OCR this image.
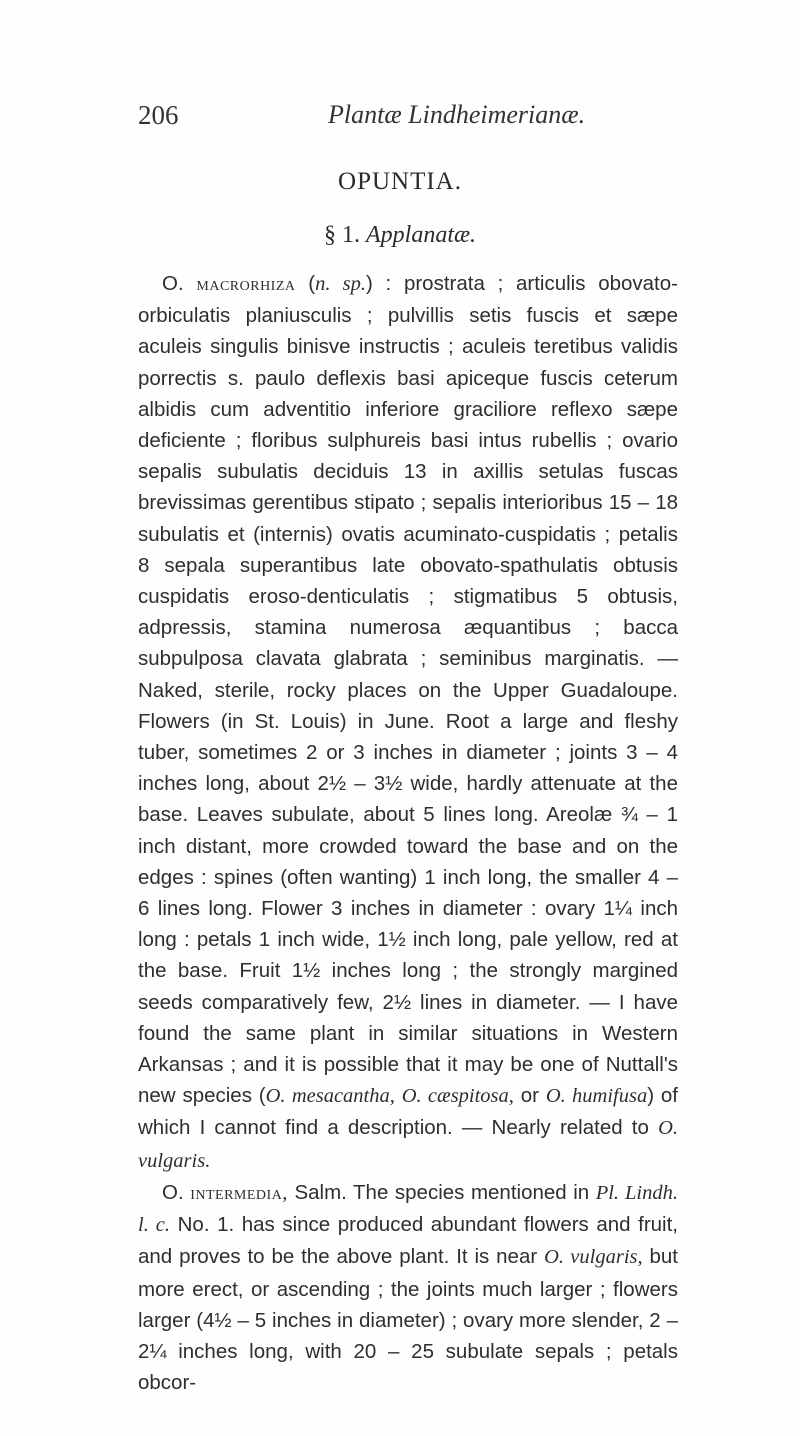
206	Plantæ Lindheimerianæ.
OPUNTIA.
§ 1. Applanatæ.

O. macrorhiza (n. sp.) : prostrata ; articulis obovato-orbiculatis planiusculis ; pulvillis setis fuscis et sæpe aculeis singulis binisve instructis ; aculeis teretibus validis porrectis s. paulo deflexis basi apiceque fuscis ceterum albidis cum adventitio inferiore graciliore reflexo sæpe deficiente ; floribus sulphureis basi intus rubellis ; ovario sepalis subulatis deciduis 13 in axillis setulas fuscas brevissimas gerentibus stipato ; sepalis interioribus 15 – 18 subulatis et (internis) ovatis acuminato-cuspidatis ; petalis 8 sepala superantibus late obovato-spathulatis obtusis cuspidatis eroso-denticulatis ; stigmatibus 5 obtusis, adpressis, stamina numerosa æquantibus ; bacca subpulposa clavata glabrata ; seminibus marginatis. — Naked, sterile, rocky places on the Upper Guadaloupe. Flowers (in St. Louis) in June. Root a large and fleshy tuber, sometimes 2 or 3 inches in diameter ; joints 3 – 4 inches long, about 2½ – 3½ wide, hardly attenuate at the base. Leaves subulate, about 5 lines long. Areolæ ¾ – 1 inch distant, more crowded toward the base and on the edges : spines (often wanting) 1 inch long, the smaller 4 – 6 lines long. Flower 3 inches in diameter : ovary 1¼ inch long : petals 1 inch wide, 1½ inch long, pale yellow, red at the base. Fruit 1½ inches long ; the strongly margined seeds comparatively few, 2½ lines in diameter. — I have found the same plant in similar situations in Western Arkansas ; and it is possible that it may be one of Nuttall's new species (O. mesacantha, O. cæspitosa, or O. humifusa) of which I cannot find a description. — Nearly related to O. vulgaris.

O. intermedia, Salm. The species mentioned in Pl. Lindh. l. c. No. 1. has since produced abundant flowers and fruit, and proves to be the above plant. It is near O. vulgaris, but more erect, or ascending ; the joints much larger ; flowers larger (4½ – 5 inches in diameter) ; ovary more slender, 2 – 2¼ inches long, with 20 – 25 subulate sepals ; petals obcor-
